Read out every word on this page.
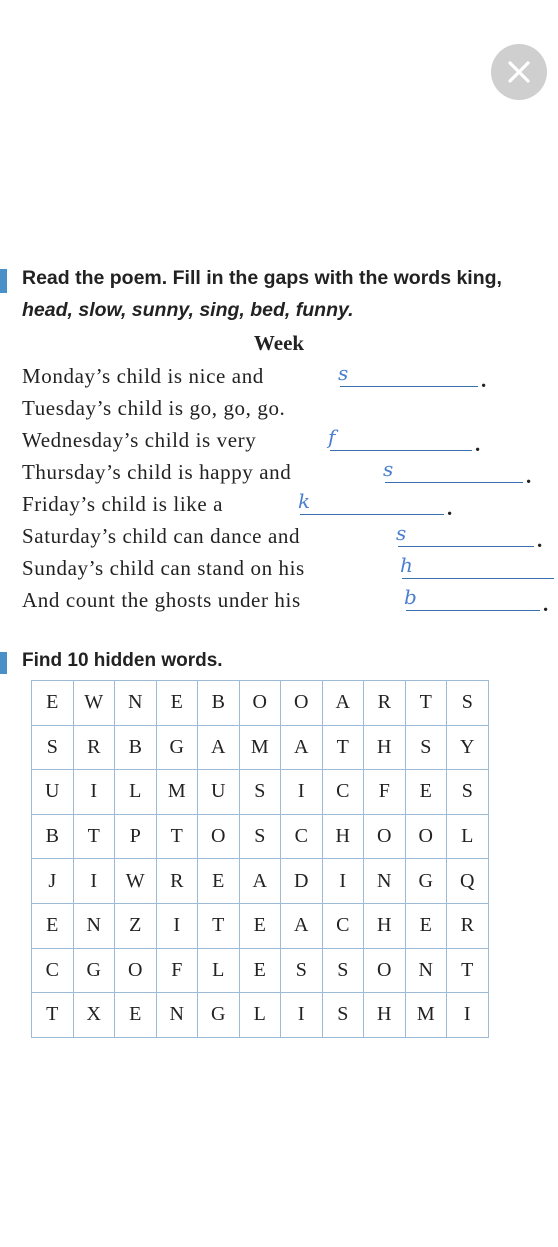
Read the poem. Fill in the gaps with the words king,
head, slow, sunny, sing, bed, funny.
Week
Monday’s child is nice and	s	.
Tuesday’s child is go, go, go.
Wednesday’s child is very	f	.
Thursday’s child is happy and	s	.
Friday’s child is like a	k	.
Saturday’s child can dance and	s	.
Sunday’s child can stand on his	h
And count the ghosts under his	b	.
Find 10 hidden words.
E	W	N	E	B	O	O	A	R	T	S
S	R	B	G	A	M	A	T	H	S	Y
U	I	L	M	U	S	I	C	F	E	S
B	T	P	T	O	S	C	H	O	O	L
J	I	W	R	E	A	D	I	N	G	Q
E	N	Z	I	T	E	A	C	H	E	R
C	G	O	F	L	E	S	S	O	N	T
T	X	E	N	G	L	I	S	H	M	I
